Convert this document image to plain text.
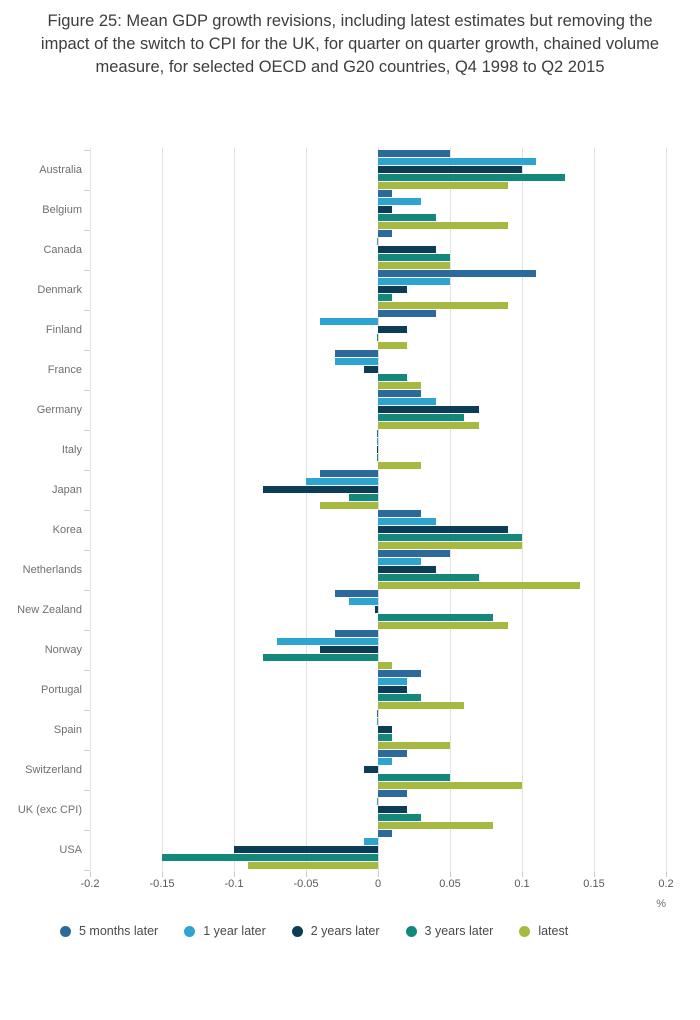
Figure 25: Mean GDP growth revisions, including latest estimates but removing the impact of the switch to CPI for the UK, for quarter on quarter growth, chained volume measure, for selected OECD and G20 countries, Q4 1998 to Q2 2015
-0.2	-0.15	-0.1	-0.05	0	0.05	0.1	0.15	0.2
Australia
Belgium
Canada
Denmark
Finland
France
Germany
Italy
Japan
Korea
Netherlands
New Zealand
Norway
Portugal
Spain
Switzerland
UK (exc CPI)
USA
%
5 months later	1 year later	2 years later	3 years later	latest
